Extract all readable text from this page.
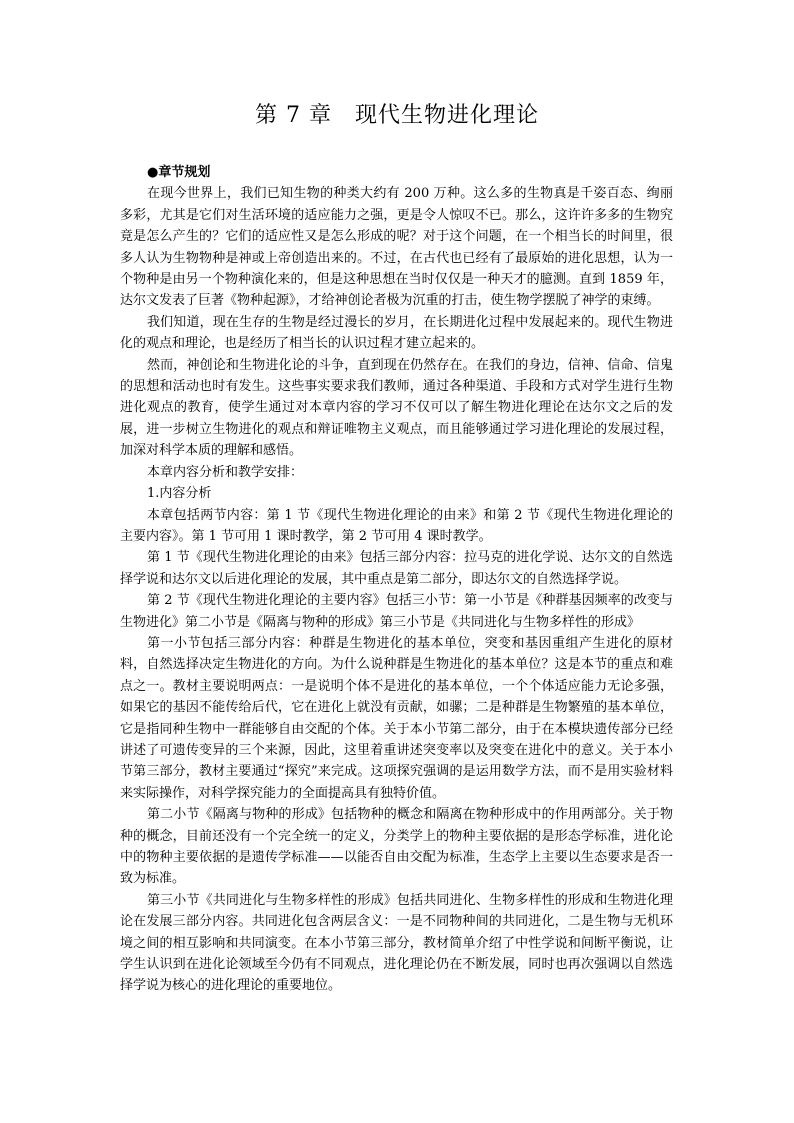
第 7 章　现代生物进化理论

●章节规划

在现今世界上，我们已知生物的种类大约有 200 万种。这么多的生物真是千姿百态、绚丽多彩，尤其是它们对生活环境的适应能力之强，更是令人惊叹不已。那么，这许许多多的生物究竟是怎么产生的？它们的适应性又是怎么形成的呢？对于这个问题，在一个相当长的时间里，很多人认为生物物种是神或上帝创造出来的。不过，在古代也已经有了最原始的进化思想，认为一个物种是由另一个物种演化来的，但是这种思想在当时仅仅是一种天才的臆测。直到 1859 年，达尔文发表了巨著《物种起源》，才给神创论者极为沉重的打击，使生物学摆脱了神学的束缚。

我们知道，现在生存的生物是经过漫长的岁月，在长期进化过程中发展起来的。现代生物进化的观点和理论，也是经历了相当长的认识过程才建立起来的。

然而，神创论和生物进化论的斗争，直到现在仍然存在。在我们的身边，信神、信命、信鬼的思想和活动也时有发生。这些事实要求我们教师，通过各种渠道、手段和方式对学生进行生物进化观点的教育，使学生通过对本章内容的学习不仅可以了解生物进化理论在达尔文之后的发展，进一步树立生物进化的观点和辩证唯物主义观点，而且能够通过学习进化理论的发展过程，加深对科学本质的理解和感悟。

本章内容分析和教学安排：

1.内容分析

本章包括两节内容：第 1 节《现代生物进化理论的由来》和第 2 节《现代生物进化理论的主要内容》。第 1 节可用 1 课时教学，第 2 节可用 4 课时教学。

第 1 节《现代生物进化理论的由来》包括三部分内容：拉马克的进化学说、达尔文的自然选择学说和达尔文以后进化理论的发展，其中重点是第二部分，即达尔文的自然选择学说。

第 2 节《现代生物进化理论的主要内容》包括三小节：第一小节是《种群基因频率的改变与生物进化》第二小节是《隔离与物种的形成》第三小节是《共同进化与生物多样性的形成》

第一小节包括三部分内容：种群是生物进化的基本单位，突变和基因重组产生进化的原材料，自然选择决定生物进化的方向。为什么说种群是生物进化的基本单位？这是本节的重点和难点之一。教材主要说明两点：一是说明个体不是进化的基本单位，一个个体适应能力无论多强，如果它的基因不能传给后代，它在进化上就没有贡献，如骡；二是种群是生物繁殖的基本单位，它是指同种生物中一群能够自由交配的个体。关于本小节第二部分，由于在本模块遗传部分已经讲述了可遗传变异的三个来源，因此，这里着重讲述突变率以及突变在进化中的意义。关于本小节第三部分，教材主要通过“探究”来完成。这项探究强调的是运用数学方法，而不是用实验材料来实际操作，对科学探究能力的全面提高具有独特价值。

第二小节《隔离与物种的形成》包括物种的概念和隔离在物种形成中的作用两部分。关于物种的概念，目前还没有一个完全统一的定义，分类学上的物种主要依据的是形态学标准，进化论中的物种主要依据的是遗传学标准——以能否自由交配为标准，生态学上主要以生态要求是否一致为标准。

第三小节《共同进化与生物多样性的形成》包括共同进化、生物多样性的形成和生物进化理论在发展三部分内容。共同进化包含两层含义：一是不同物种间的共同进化，二是生物与无机环境之间的相互影响和共同演变。在本小节第三部分，教材简单介绍了中性学说和间断平衡说，让学生认识到在进化论领域至今仍有不同观点，进化理论仍在不断发展，同时也再次强调以自然选择学说为核心的进化理论的重要地位。
